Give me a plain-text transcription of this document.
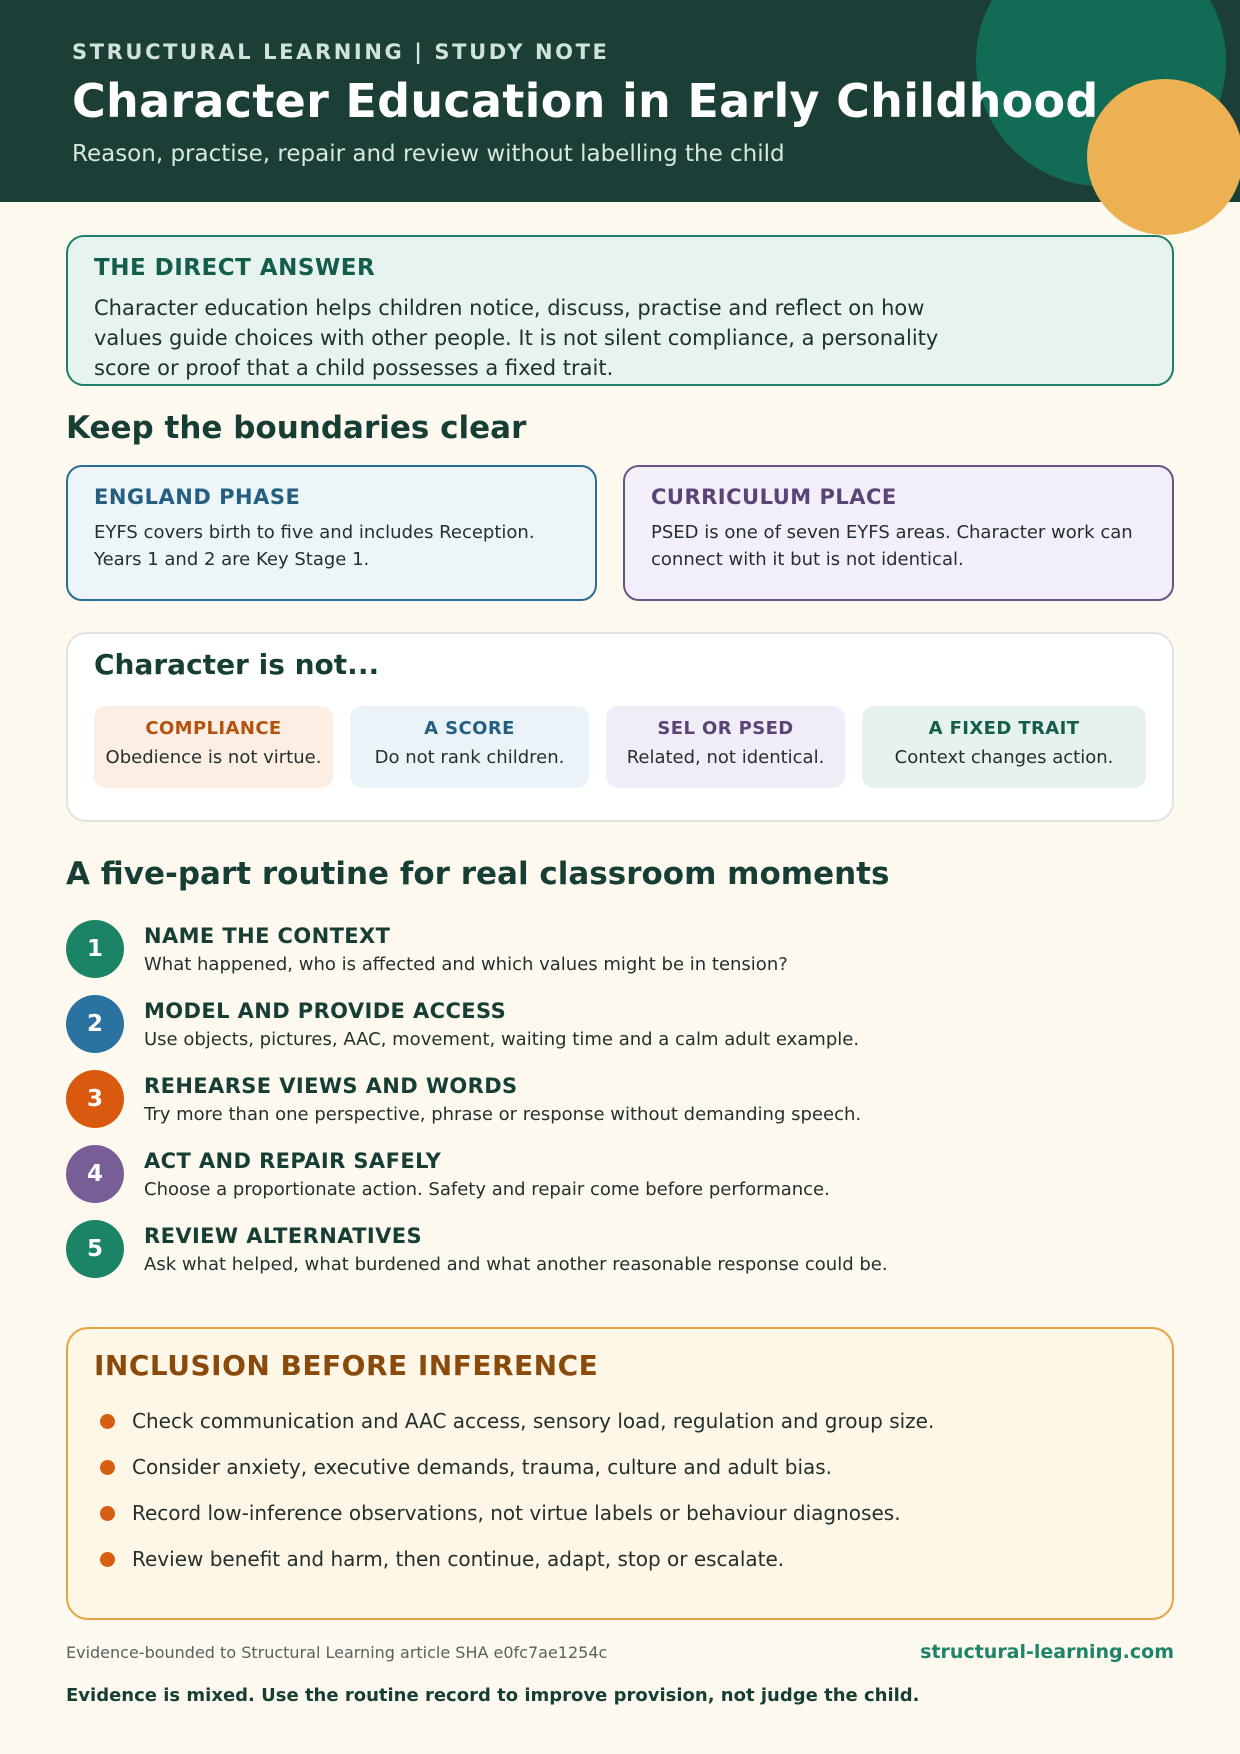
STRUCTURAL LEARNING | STUDY NOTE
Character Education in Early Childhood
Reason, practise, repair and review without labelling the child
THE DIRECT ANSWER

Character education helps children notice, discuss, practise and reflect on how values guide choices with other people. It is not silent compliance, a personality score or proof that a child possesses a fixed trait.

Keep the boundaries clear
ENGLAND PHASE

EYFS covers birth to five and includes Reception. Years 1 and 2 are Key Stage 1.

CURRICULUM PLACE

PSED is one of seven EYFS areas. Character work can connect with it but is not identical.

Character is not...
COMPLIANCE
Obedience is not virtue.
A SCORE
Do not rank children.
SEL OR PSED
Related, not identical.
A FIXED TRAIT
Context changes action.
A five-part routine for real classroom moments
1	NAME THE CONTEXT
What happened, who is affected and which values might be in tension?
2	MODEL AND PROVIDE ACCESS
Use objects, pictures, AAC, movement, waiting time and a calm adult example.
3	REHEARSE VIEWS AND WORDS
Try more than one perspective, phrase or response without demanding speech.
4	ACT AND REPAIR SAFELY
Choose a proportionate action. Safety and repair come before performance.
5	REVIEW ALTERNATIVES
Ask what helped, what burdened and what another reasonable response could be.
INCLUSION BEFORE INFERENCE
Check communication and AAC access, sensory load, regulation and group size.
Consider anxiety, executive demands, trauma, culture and adult bias.
Record low-inference observations, not virtue labels or behaviour diagnoses.
Review benefit and harm, then continue, adapt, stop or escalate.
Evidence-bounded to Structural Learning article SHA e0fc7ae1254c	structural-learning.com
Evidence is mixed. Use the routine record to improve provision, not judge the child.
